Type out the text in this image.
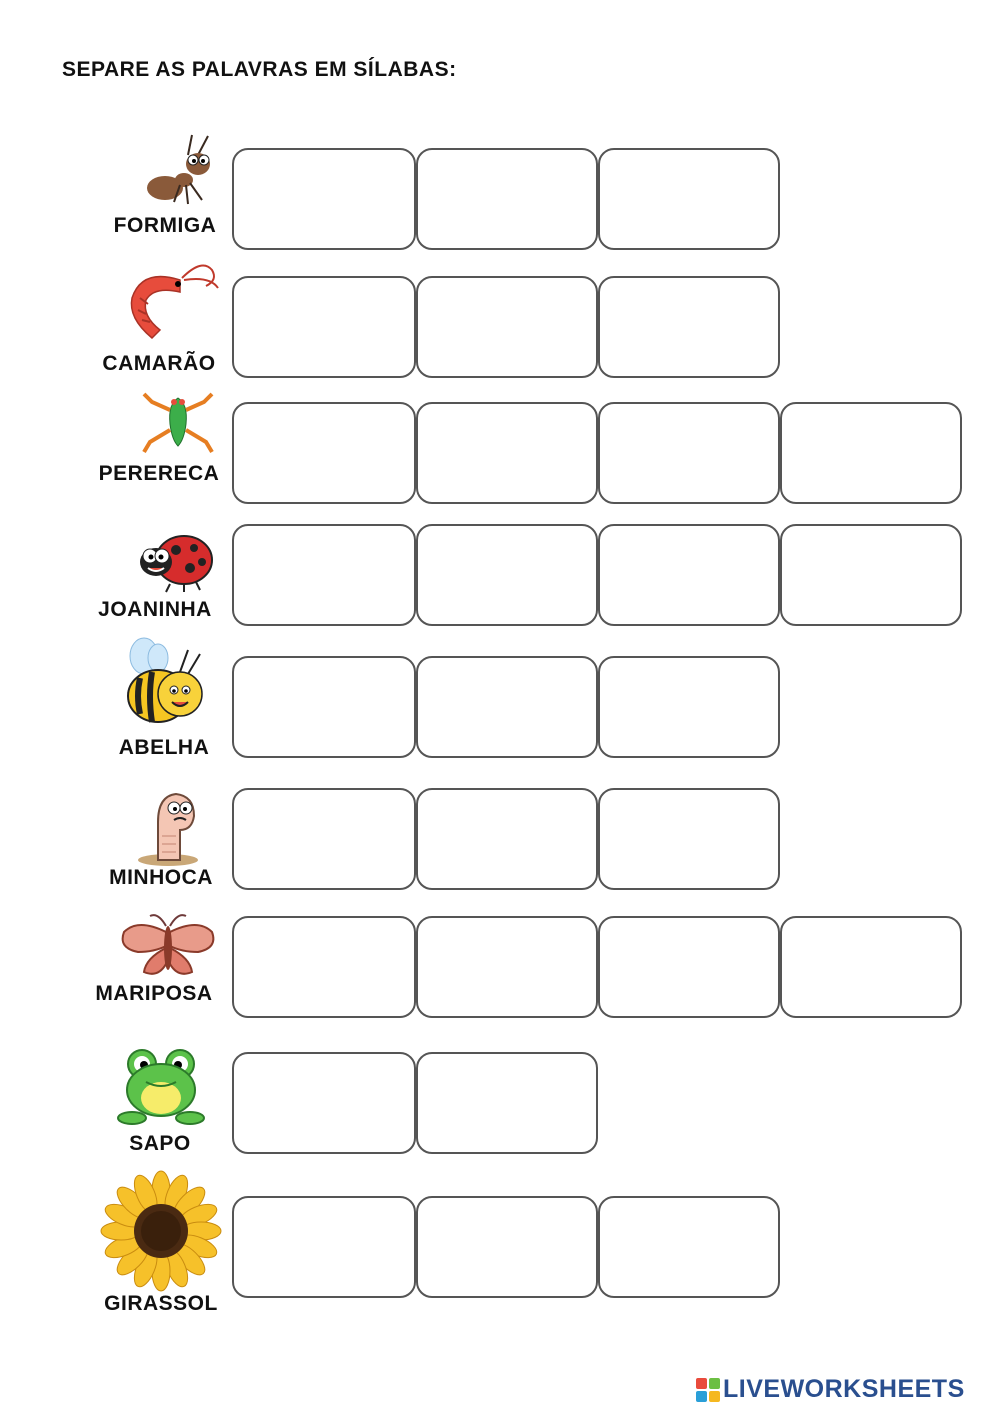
SEPARE AS PALAVRAS EM SÍLABAS:
FORMIGA
CAMARÃO
PERERECA
JOANINHA
ABELHA
MINHOCA
MARIPOSA
SAPO
GIRASSOL
LIVEWORKSHEETS
